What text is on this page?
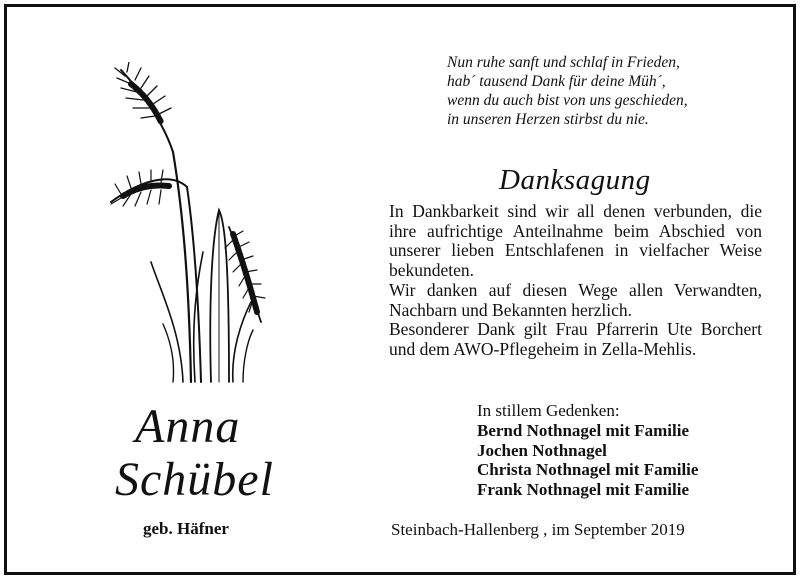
Anna
Schübel
geb. Häfner
Nun ruhe sanft und schlaf in Frieden,
hab´ tausend Dank für deine Müh´,
wenn du auch bist von uns geschieden,
in unseren Herzen stirbst du nie.
Danksagung
In Dankbarkeit sind wir all denen verbunden, die ihre aufrichtige Anteilnahme beim Abschied von unserer lieben Entschlafenen in vielfacher Weise bekundeten.
Wir danken auf diesen Wege allen Verwandten, Nachbarn und Bekannten herzlich.
Besonderer Dank gilt Frau Pfarrerin Ute Borchert und dem AWO-Pflegeheim in Zella-Mehlis.
In stillem Gedenken:
Bernd Nothnagel mit Familie
Jochen Nothnagel
Christa Nothnagel mit Familie
Frank Nothnagel mit Familie
Steinbach-Hallenberg , im September 2019
